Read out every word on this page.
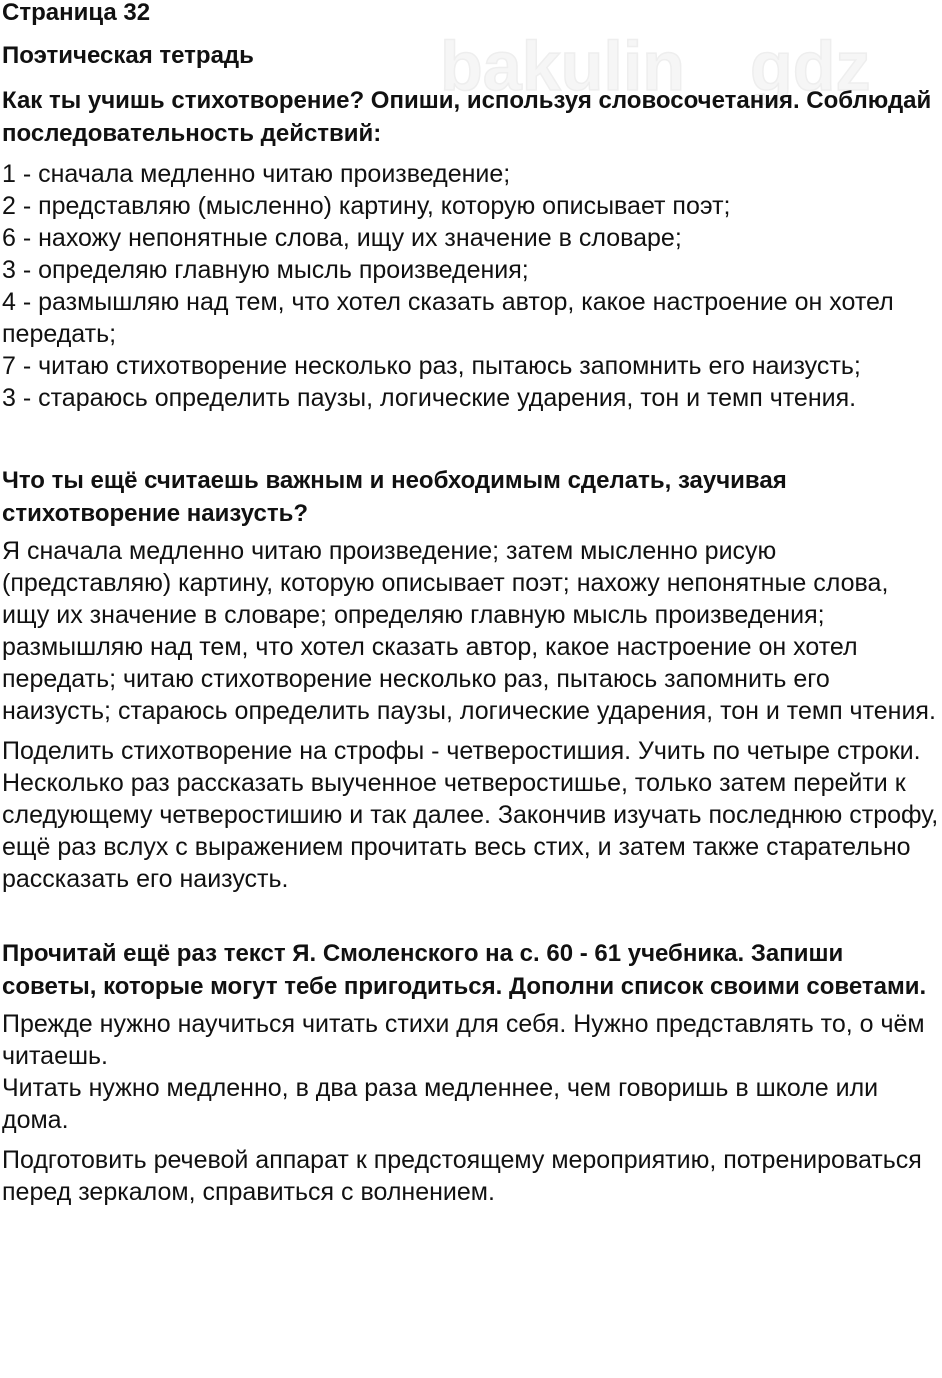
bakulin gdz
Страница 32
Поэтическая тетрадь
Как ты учишь стихотворение? Опиши, используя словосочетания. Соблюдай последовательность действий:
1 - сначала медленно читаю произведение;
2 - представляю (мысленно) картину, которую описывает поэт;
6 - нахожу непонятные слова, ищу их значение в словаре;
3 - определяю главную мысль произведения;
4 - размышляю над тем, что хотел сказать автор, какое настроение он хотел передать;
7 - читаю стихотворение несколько раз, пытаюсь запомнить его наизусть;
3 - стараюсь определить паузы, логические ударения, тон и темп чтения.
Что ты ещё считаешь важным и необходимым сделать, заучивая стихотворение наизусть?
Я сначала медленно читаю произведение; затем мысленно рисую (представляю) картину, которую описывает поэт; нахожу непонятные слова, ищу их значение в словаре; определяю главную мысль произведения; размышляю над тем, что хотел сказать автор, какое настроение он хотел передать; читаю стихотворение несколько раз, пытаюсь запомнить его наизусть; стараюсь определить паузы, логические ударения, тон и темп чтения.
Поделить стихотворение на строфы - четверостишия. Учить по четыре строки. Несколько раз рассказать выученное четверостишье, только затем перейти к следующему четверостишию и так далее. Закончив изучать последнюю строфу, ещё раз вслух с выражением прочитать весь стих, и затем также старательно рассказать его наизусть.
Прочитай ещё раз текст Я. Смоленского на с. 60 - 61 учебника. Запиши советы, которые могут тебе пригодиться. Дополни список своими советами.
Прежде нужно научиться читать стихи для себя. Нужно представлять то, о чём читаешь.
Читать нужно медленно, в два раза медленнее, чем говоришь в школе или дома.
Подготовить речевой аппарат к предстоящему мероприятию, потренироваться перед зеркалом, справиться с волнением.
